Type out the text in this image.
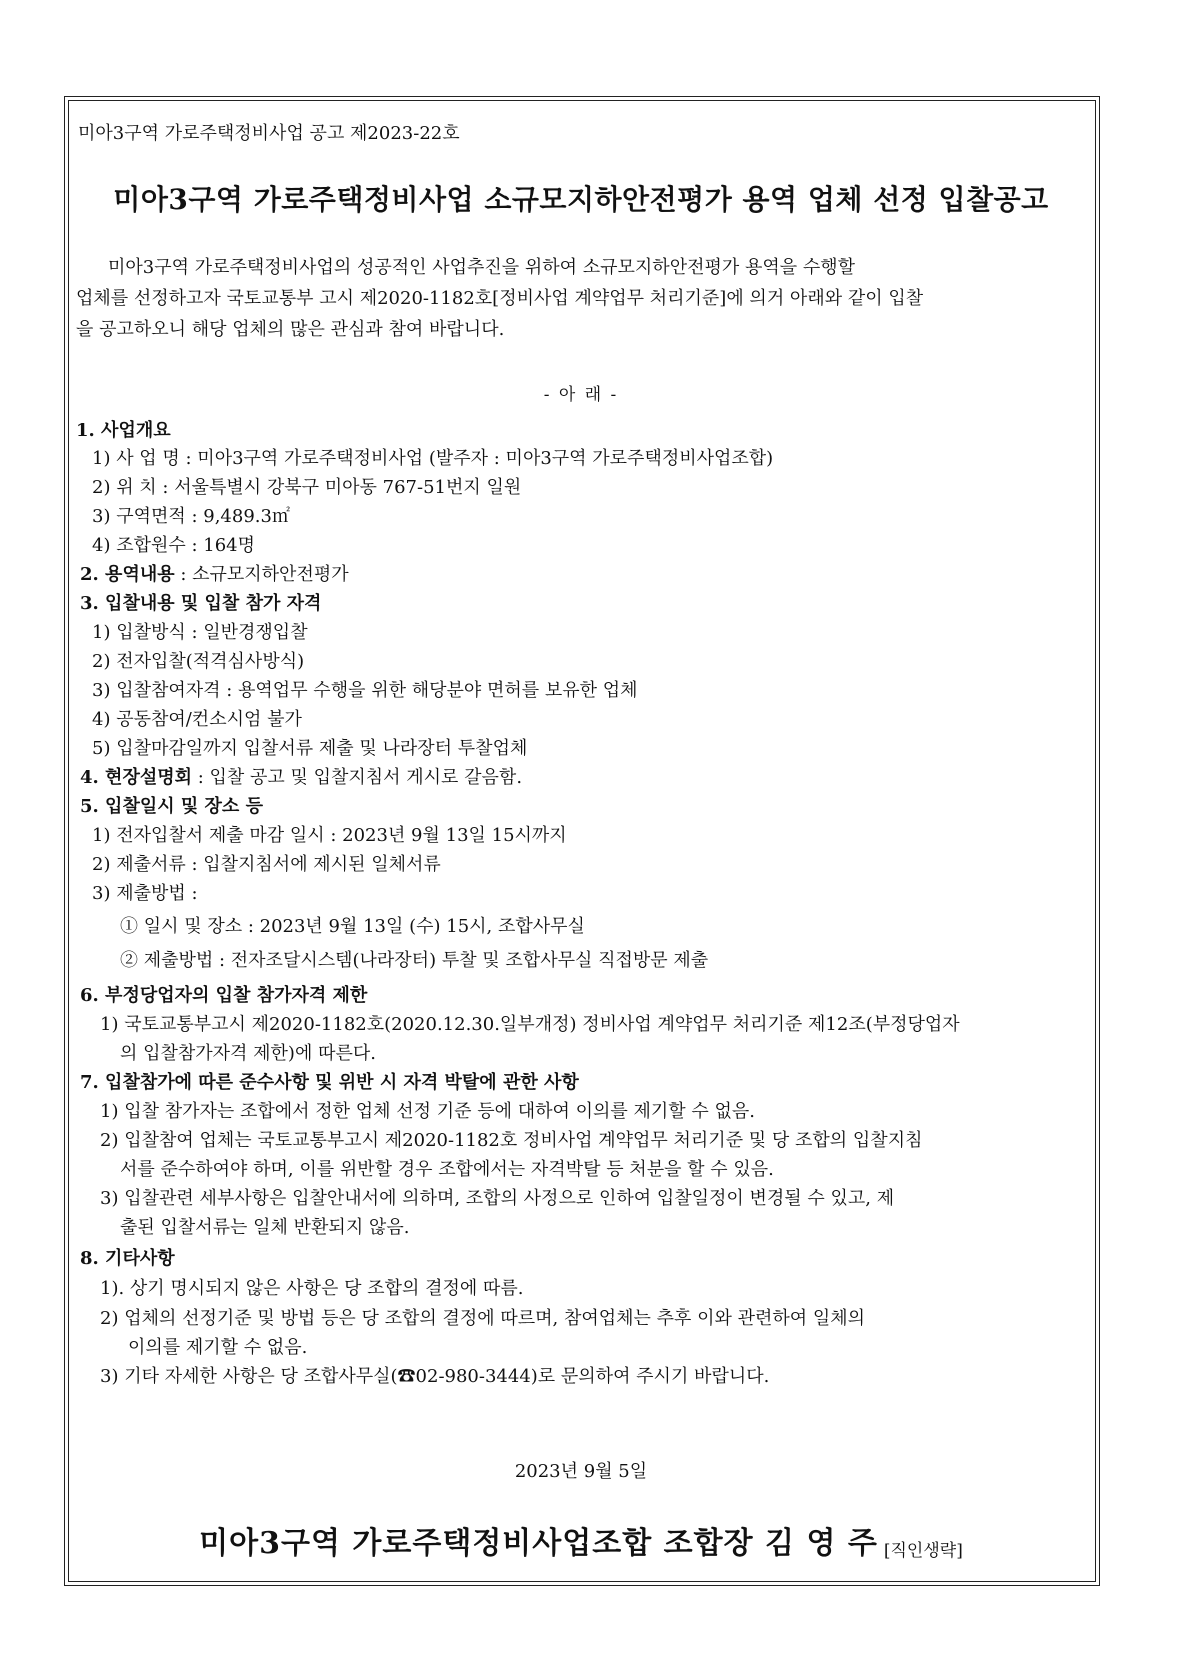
미아3구역 가로주택정비사업 공고 제2023-22호
미아3구역 가로주택정비사업 소규모지하안전평가 용역 업체 선정 입찰공고

미아3구역 가로주택정비사업의 성공적인 사업추진을 위하여 소규모지하안전평가 용역을 수행할

업체를 선정하고자 국토교통부 고시 제2020-1182호[정비사업 계약업무 처리기준]에 의거 아래와 같이 입찰

을 공고하오니 해당 업체의 많은 관심과 참여 바랍니다.

- 아 래 -
1. 사업개요
1) 사 업 명 : 미아3구역 가로주택정비사업 (발주자 : 미아3구역 가로주택정비사업조합)
2) 위 치 : 서울특별시 강북구 미아동 767-51번지 일원
3) 구역면적 : 9,489.3㎡
4) 조합원수 : 164명
2. 용역내용 : 소규모지하안전평가
3. 입찰내용 및 입찰 참가 자격
1) 입찰방식 : 일반경쟁입찰
2) 전자입찰(적격심사방식)
3) 입찰참여자격 : 용역업무 수행을 위한 해당분야 면허를 보유한 업체
4) 공동참여/컨소시엄 불가
5) 입찰마감일까지 입찰서류 제출 및 나라장터 투찰업체
4. 현장설명회 : 입찰 공고 및 입찰지침서 게시로 갈음함.
5. 입찰일시 및 장소 등
1) 전자입찰서 제출 마감 일시 : 2023년 9월 13일 15시까지
2) 제출서류 : 입찰지침서에 제시된 일체서류
3) 제출방법 :
① 일시 및 장소 : 2023년 9월 13일 (수) 15시, 조합사무실
② 제출방법 : 전자조달시스템(나라장터) 투찰 및 조합사무실 직접방문 제출
6. 부정당업자의 입찰 참가자격 제한
1) 국토교통부고시 제2020-1182호(2020.12.30.일부개정) 정비사업 계약업무 처리기준 제12조(부정당업자
의 입찰참가자격 제한)에 따른다.
7. 입찰참가에 따른 준수사항 및 위반 시 자격 박탈에 관한 사항
1) 입찰 참가자는 조합에서 정한 업체 선정 기준 등에 대하여 이의를 제기할 수 없음.
2) 입찰참여 업체는 국토교통부고시 제2020-1182호 정비사업 계약업무 처리기준 및 당 조합의 입찰지침
서를 준수하여야 하며, 이를 위반할 경우 조합에서는 자격박탈 등 처분을 할 수 있음.
3) 입찰관련 세부사항은 입찰안내서에 의하며, 조합의 사정으로 인하여 입찰일정이 변경될 수 있고, 제
출된 입찰서류는 일체 반환되지 않음.
8. 기타사항
1). 상기 명시되지 않은 사항은 당 조합의 결정에 따름.
2) 업체의 선정기준 및 방법 등은 당 조합의 결정에 따르며, 참여업체는 추후 이와 관련하여 일체의
이의를 제기할 수 없음.
3) 기타 자세한 사항은 당 조합사무실(☎02-980-3444)로 문의하여 주시기 바랍니다.
2023년 9월 5일
미아3구역 가로주택정비사업조합 조합장 김 영 주 [직인생략]
